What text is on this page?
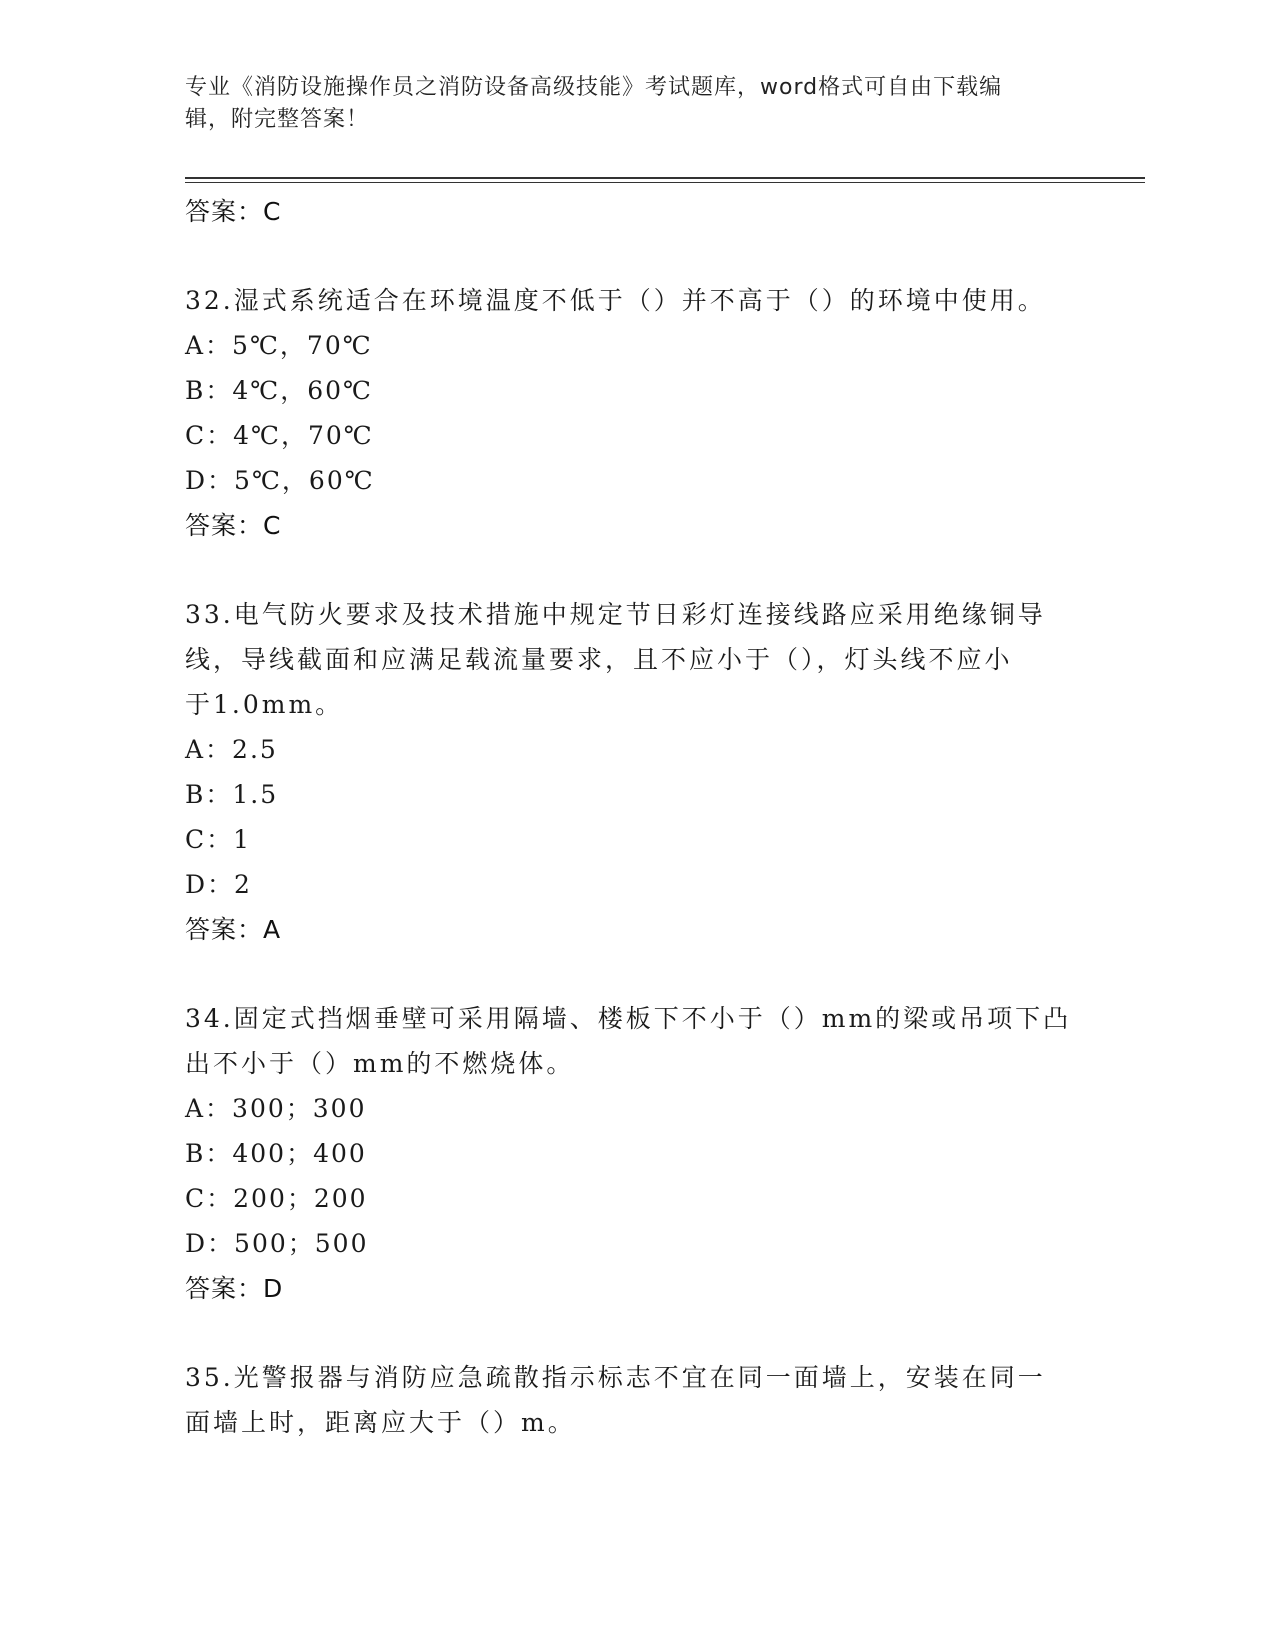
专业《消防设施操作员之消防设备高级技能》考试题库，word格式可自由下载编
辑，附完整答案！
答案：C
32.湿式系统适合在环境温度不低于（）并不高于（）的环境中使用。
A：5℃，70℃
B：4℃，60℃
C：4℃，70℃
D：5℃，60℃
答案：C
33.电气防火要求及技术措施中规定节日彩灯连接线路应采用绝缘铜导
线，导线截面和应满足载流量要求，且不应小于（），灯头线不应小
于1.0mm。
A：2.5
B：1.5
C：1
D：2
答案：A
34.固定式挡烟垂壁可采用隔墙、楼板下不小于（）mm的梁或吊项下凸
出不小于（）mm的不燃烧体。
A：300；300
B：400；400
C：200；200
D：500；500
答案：D
35.光警报器与消防应急疏散指示标志不宜在同一面墙上，安装在同一
面墙上时，距离应大于（）m。
